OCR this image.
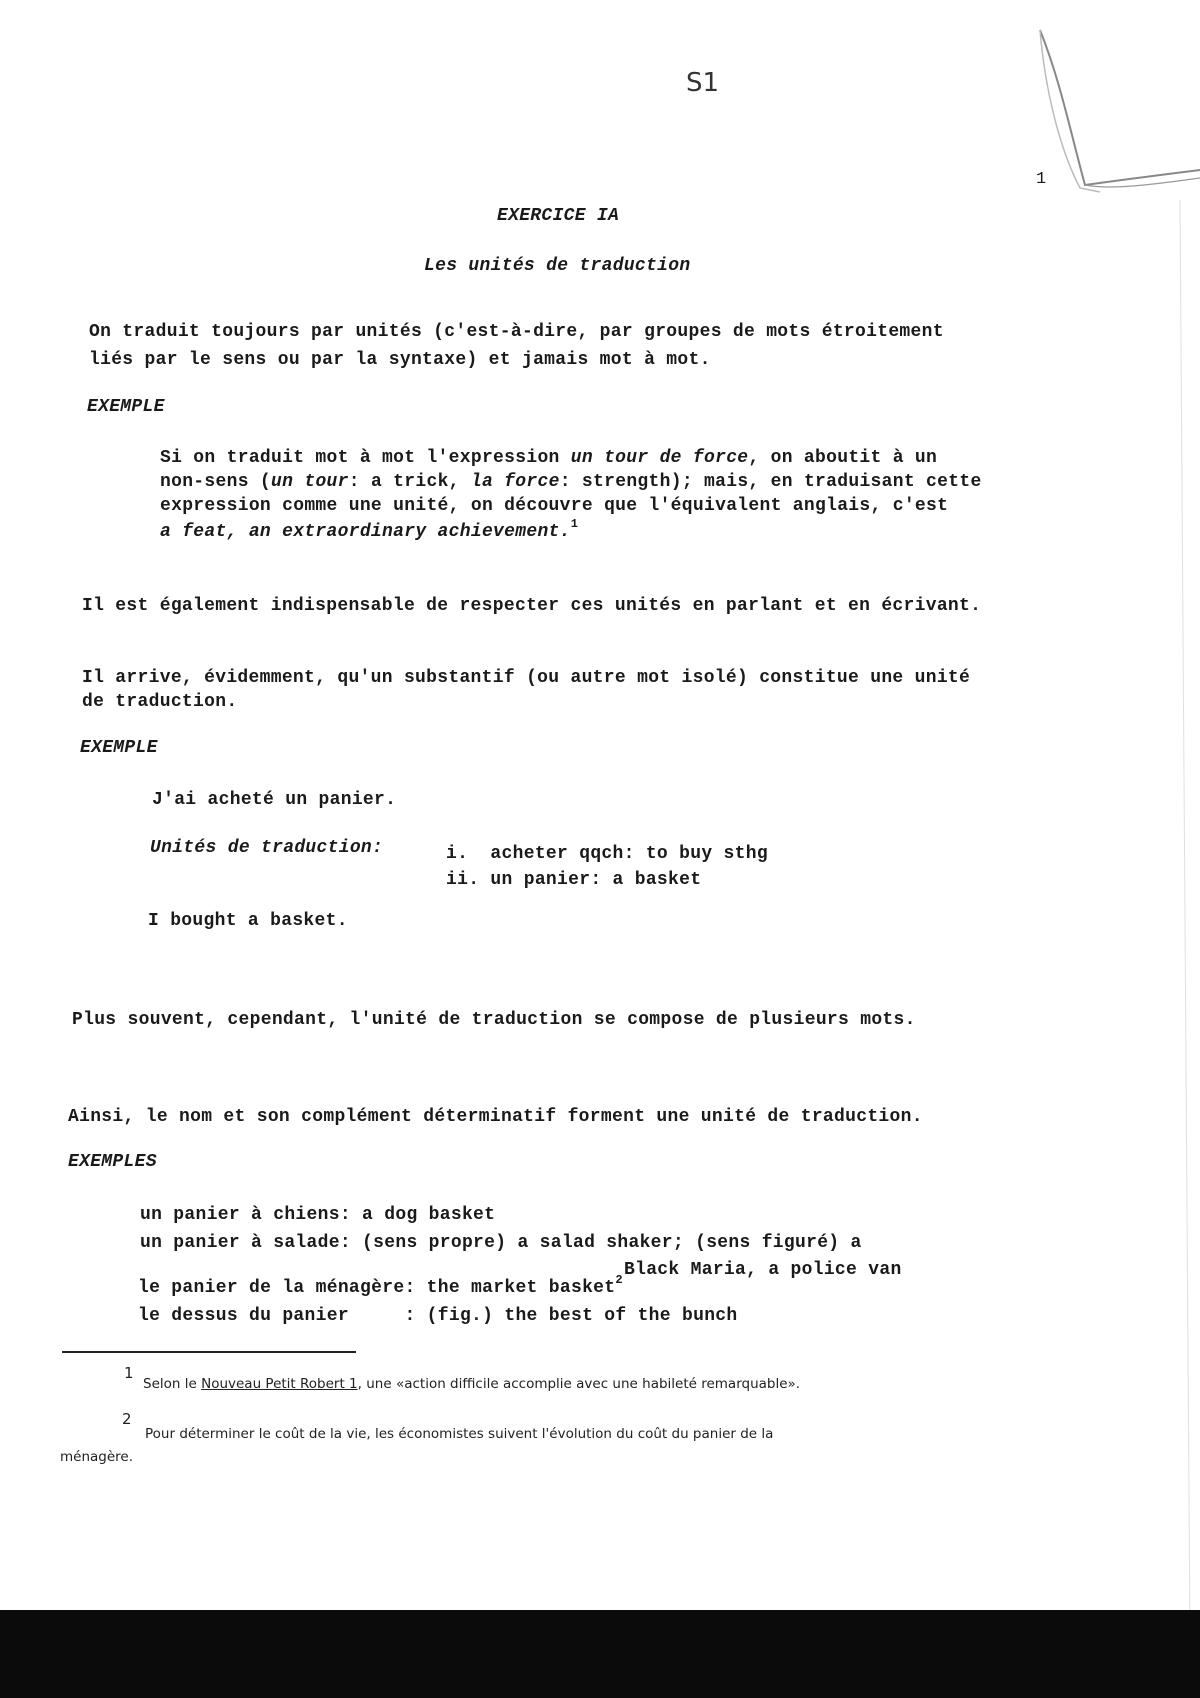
S1
1
EXERCICE IA
Les unités de traduction
On traduit toujours par unités (c'est-à-dire, par groupes de mots étroitement
liés par le sens ou par la syntaxe) et jamais mot à mot.
EXEMPLE
Si on traduit mot à mot l'expression un tour de force, on aboutit à un
non-sens (un tour: a trick, la force: strength); mais, en traduisant cette
expression comme une unité, on découvre que l'équivalent anglais, c'est
a feat, an extraordinary achievement.$^1$
Il est également indispensable de respecter ces unités en parlant et en écrivant.
Il arrive, évidemment, qu'un substantif (ou autre mot isolé) constitue une unité
de traduction.
EXEMPLE
J'ai acheté un panier.
Unités de traduction:	i.  acheter qqch: to buy sthg
ii. un panier: a basket
I bought a basket.
Plus souvent, cependant, l'unité de traduction se compose de plusieurs mots.
Ainsi, le nom et son complément déterminatif forment une unité de traduction.
EXEMPLES
un panier à chiens: a dog basket
un panier à salade: (sens propre) a salad shaker; (sens figuré) a
Black Maria, a police van
le panier de la ménagère: the market basket$^2$
le dessus du panier     : (fig.) the best of the bunch
1
Selon le Nouveau Petit Robert 1, une «action difficile accomplie avec une habileté remarquable».
2
Pour déterminer le coût de la vie, les économistes suivent l'évolution du coût du panier de la
ménagère.
